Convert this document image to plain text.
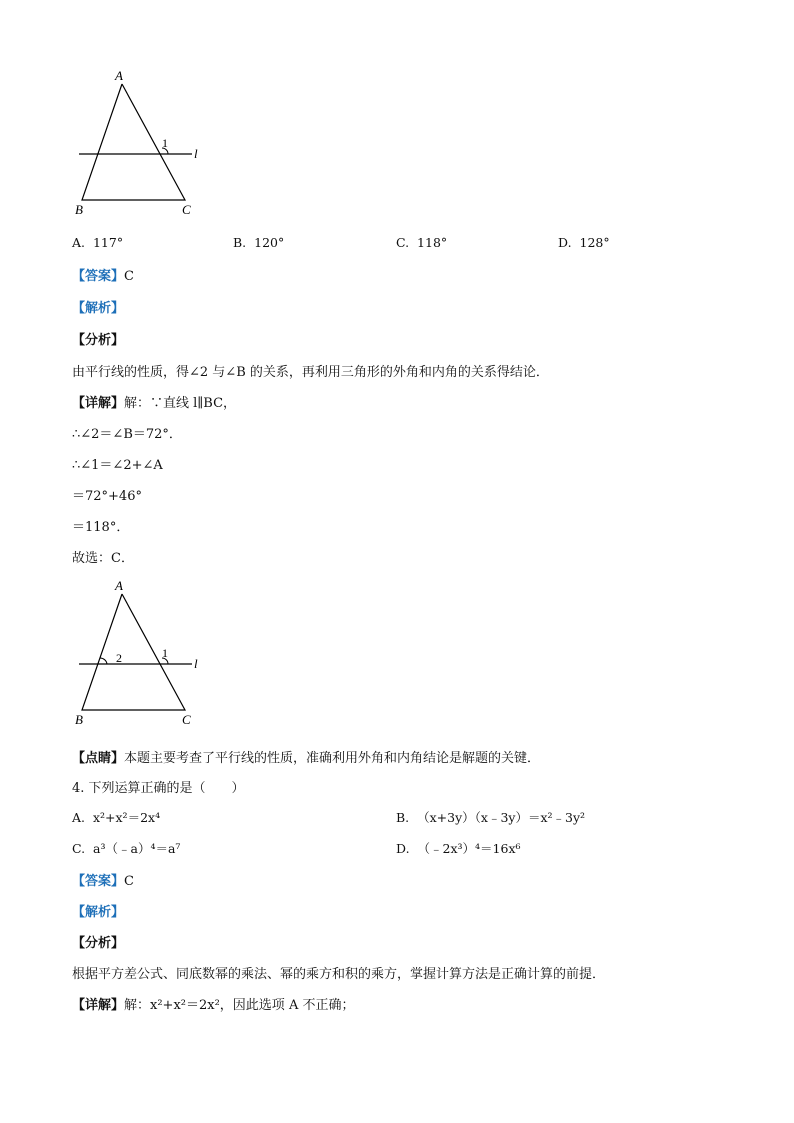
A
B	C
l
1
A. 117°	B. 120°	C. 118°	D. 128°
【答案】C
【解析】
【分析】
由平行线的性质，得∠2 与∠B 的关系，再利用三角形的外角和内角的关系得结论．
【详解】解：∵直线 l∥BC，
∴∠2＝∠B＝72°．
∴∠1＝∠2+∠A
＝72°+46°
＝118°．
故选：C．
A
B	C
l
1
2
【点睛】本题主要考查了平行线的性质，准确利用外角和内角结论是解题的关键．
4. 下列运算正确的是（　　）
A. x²+x²＝2x⁴	B. （x+3y）（x﹣3y）＝x²﹣3y²
C. a³（﹣a）⁴＝a⁷	D. （﹣2x³）⁴＝16x⁶
【答案】C
【解析】
【分析】
根据平方差公式、同底数幂的乘法、幂的乘方和积的乘方，掌握计算方法是正确计算的前提．
【详解】解：x²+x²＝2x²，因此选项 A 不正确；
